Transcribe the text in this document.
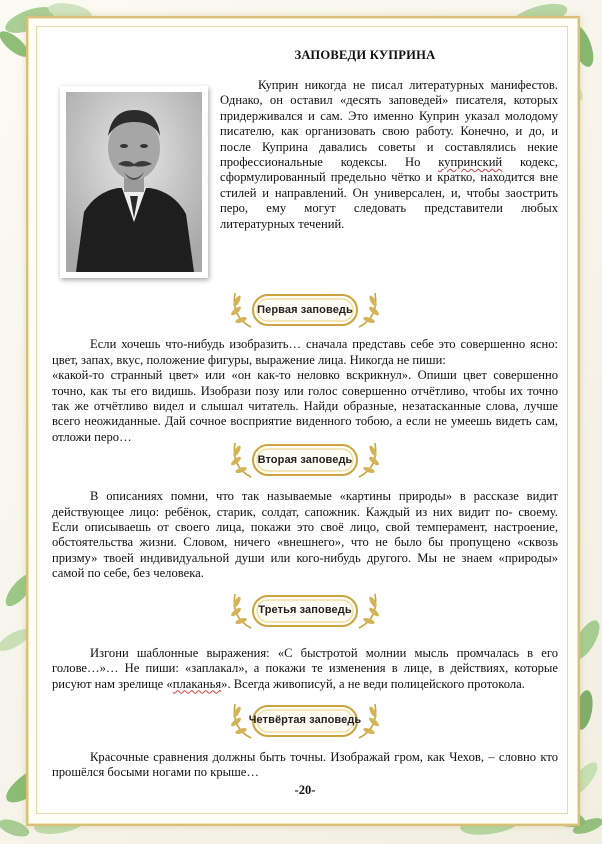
ЗАПОВЕДИ КУПРИНА

Куприн никогда не писал литературных манифестов. Однако, он оставил «десять заповедей» писателя, которых придерживался и сам. Это именно Куприн указал молодому писателю, как организовать свою работу. Конечно, и до, и после Куприна давались советы и составлялись некие профессиональные кодексы. Но купринский кодекс, сформулированный предельно чётко и кратко, находится вне стилей и направлений. Он универсален, и, чтобы заострить перо, ему могут следовать представители любых литературных течений.

Первая заповедь

Если хочешь что-нибудь изобразить… сначала представь себе это совершенно ясно: цвет, запах, вкус, положение фигуры, выражение лица. Никогда не пиши:

«какой-то странный цвет» или «он как-то неловко вскрикнул». Опиши цвет совершенно точно, как ты его видишь. Изобрази позу или голос совершенно отчётливо, чтобы их точно так же отчётливо видел и слышал читатель. Найди образные, незатасканные слова, лучше всего неожиданные. Дай сочное восприятие виденного тобою, а если не умеешь видеть сам, отложи перо…

Вторая заповедь

В описаниях помни, что так называемые «картины природы» в рассказе видит действующее лицо: ребёнок, старик, солдат, сапожник. Каждый из них видит по- своему. Если описываешь от своего лица, покажи это своё лицо, свой темперамент, настроение, обстоятельства жизни. Словом, ничего «внешнего», что не было бы пропущено «сквозь призму» твоей индивидуальной души или кого-нибудь другого. Мы не знаем «природы» самой по себе, без человека.

Третья заповедь

Изгони шаблонные выражения: «С быстротой молнии мысль промчалась в его голове…»… Не пиши: «заплакал», а покажи те изменения в лице, в действиях, которые рисуют нам зрелище «плаканья». Всегда живописуй, а не веди полицейского протокола.

Четвёртая заповедь

Красочные сравнения должны быть точны. Изображай гром, как Чехов, – словно кто прошёлся босыми ногами по крыше…

-20-
